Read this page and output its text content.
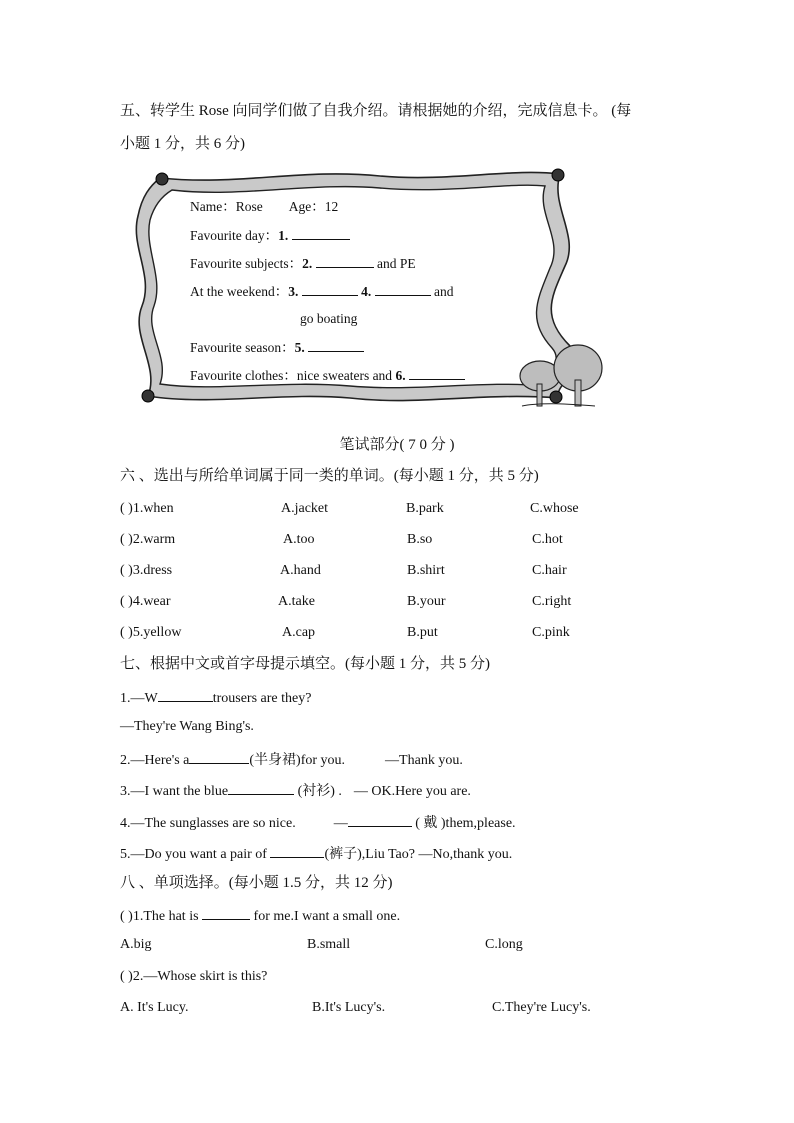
五、转学生 Rose 向同学们做了自我介绍。请根据她的介绍，完成信息卡。 (每
小题 1 分，共 6 分)
Name：Rose Age：12
Favourite day：1.
Favourite subjects：2.	and PE
At the weekend：3.	4.	and
go boating
Favourite season：5.
Favourite clothes：nice sweaters and 6.
笔试部分( 7 0 分 )
六 、选出与所给单词属于同一类的单词。(每小题 1 分，共 5 分)
( )1.when	A.jacket	B.park	C.whose
( )2.warm	A.too	B.so	C.hot
( )3.dress	A.hand	B.shirt	C.hair
( )4.wear	A.take	B.your	C.right
( )5.yellow	A.cap	B.put	C.pink
七、根据中文或首字母提示填空。(每小题 1 分，共 5 分)
1.—W	trousers are they?
—They're Wang Bing's.
2.—Here's a	(半身裙)for you.	—Thank you.
3.—I want the blue	(衬衫) . — OK.Here you are.
4.—The sunglasses are so nice.	—	( 戴 )them,please.
5.—Do you want a pair of	(裤子),Liu Tao? —No,thank you.
八 、单项选择。(每小题 1.5 分，共 12 分)
( )1.The hat is	for me.I want a small one.
A.big	B.small	C.long
( )2.—Whose skirt is this?
A. It's Lucy.	B.It's Lucy's.	C.They're Lucy's.
